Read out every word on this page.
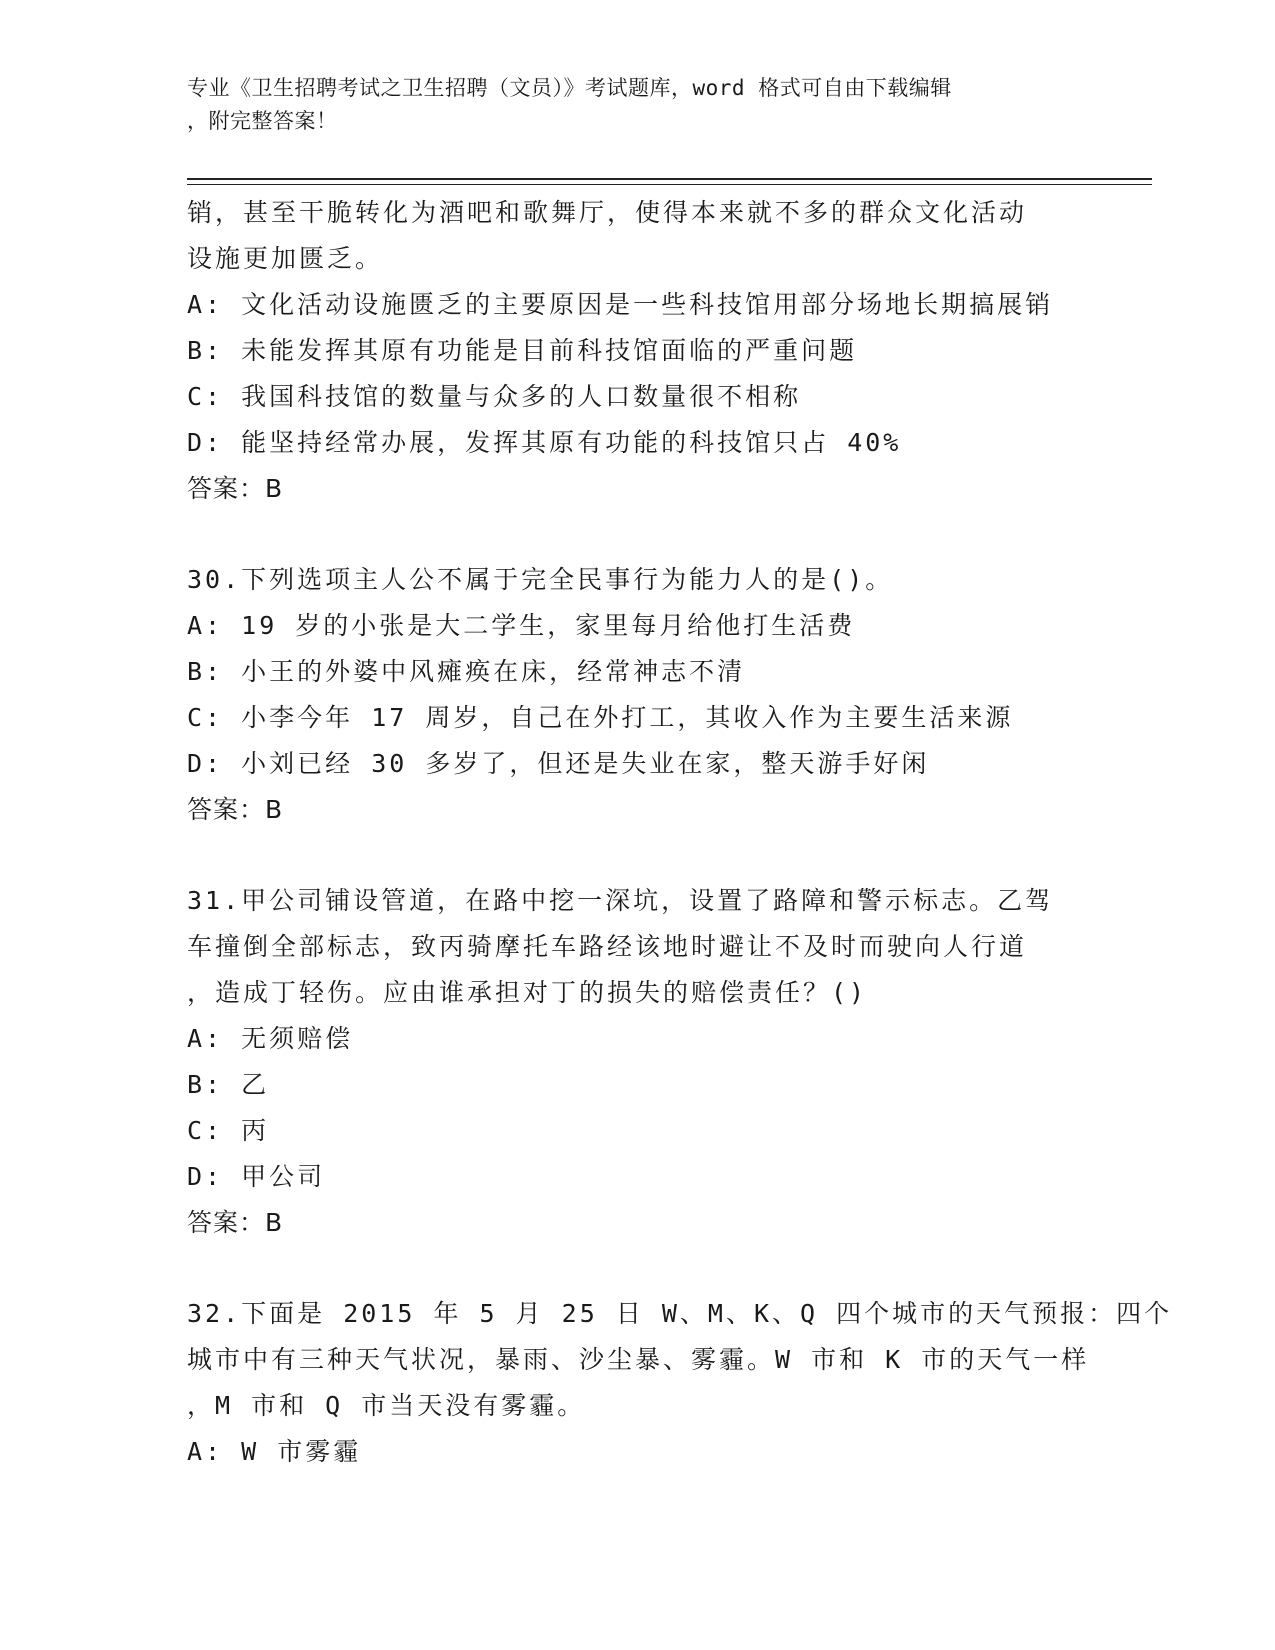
专业《卫生招聘考试之卫生招聘（文员）》考试题库，word 格式可自由下载编辑
，附完整答案！
销，甚至干脆转化为酒吧和歌舞厅，使得本来就不多的群众文化活动
设施更加匮乏。
A: 文化活动设施匮乏的主要原因是一些科技馆用部分场地长期搞展销
B: 未能发挥其原有功能是目前科技馆面临的严重问题
C: 我国科技馆的数量与众多的人口数量很不相称
D: 能坚持经常办展，发挥其原有功能的科技馆只占 40%
答案：B
30.下列选项主人公不属于完全民事行为能力人的是()。
A: 19 岁的小张是大二学生，家里每月给他打生活费
B: 小王的外婆中风瘫痪在床，经常神志不清
C: 小李今年 17 周岁，自己在外打工，其收入作为主要生活来源
D: 小刘已经 30 多岁了，但还是失业在家，整天游手好闲
答案：B
31.甲公司铺设管道，在路中挖一深坑，设置了路障和警示标志。乙驾
车撞倒全部标志，致丙骑摩托车路经该地时避让不及时而驶向人行道
，造成丁轻伤。应由谁承担对丁的损失的赔偿责任？()
A: 无须赔偿
B: 乙
C: 丙
D: 甲公司
答案：B
32.下面是 2015 年 5 月 25 日 W、M、K、Q 四个城市的天气预报：四个
城市中有三种天气状况，暴雨、沙尘暴、雾霾。W 市和 K 市的天气一样
，M 市和 Q 市当天没有雾霾。
A: W 市雾霾
